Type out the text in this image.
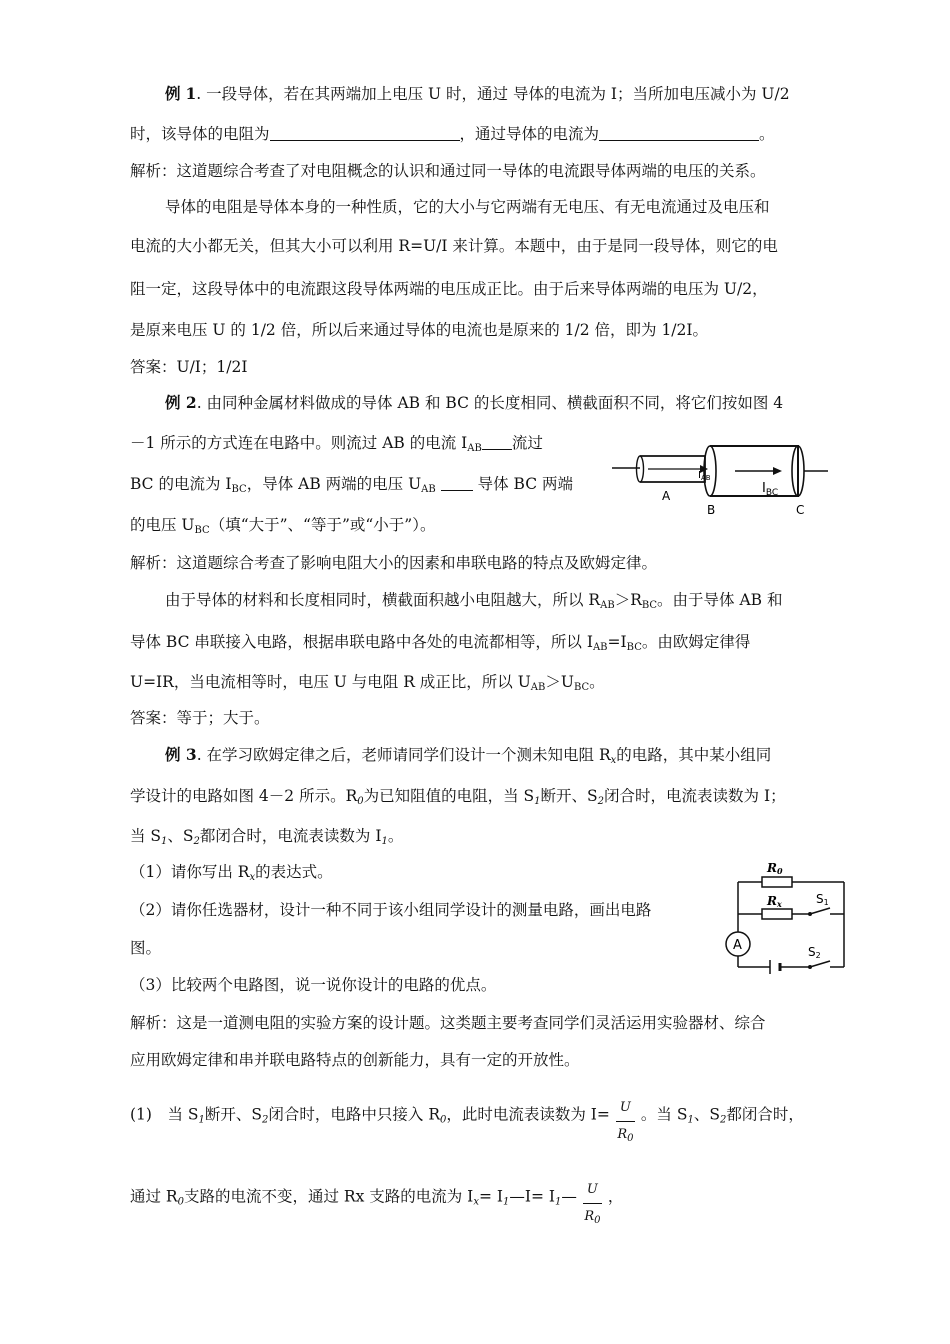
例 1. 一段导体，若在其两端加上电压 U 时，通过 导体的电流为 I；当所加电压减小为 U/2
时，该导体的电阻为	，通过导体的电流为	。
解析：这道题综合考查了对电阻概念的认识和通过同一导体的电流跟导体两端的电压的关系。
导体的电阻是导体本身的一种性质，它的大小与它两端有无电压、有无电流通过及电压和
电流的大小都无关，但其大小可以利用 R=U/I 来计算。本题中，由于是同一段导体，则它的电
阻一定，这段导体中的电流跟这段导体两端的电压成正比。由于后来导体两端的电压为 U/2，
是原来电压 U 的 1/2 倍，所以后来通过导体的电流也是原来的 1/2 倍，即为 1/2I。
答案：U/I；1/2I
例 2. 由同种金属材料做成的导体 AB 和 BC 的长度相同、横截面积不同，将它们按如图 4
－1 所示的方式连在电路中。则流过 AB 的电流 $I_{AB}$ 流过
BC 的电流为 $I_{BC}$，导体 AB 两端的电压 $U_{AB}$	导体 BC 两端
的电压 $U_{BC}$（填“大于”、“等于”或“小于”）。
$I_{AB}$
$I_{BC}$
A
B	C
解析：这道题综合考查了影响电阻大小的因素和串联电路的特点及欧姆定律。
由于导体的材料和长度相同时，横截面积越小电阻越大，所以 $R_{AB}>R_{BC}$。由于导体 AB 和
导体 BC 串联接入电路，根据串联电路中各处的电流都相等，所以 $I_{AB}=I_{BC}$。由欧姆定律得
U=IR，当电流相等时，电压 U 与电阻 R 成正比，所以 $U_{AB}>U_{BC}$。
答案：等于；大于。
例 3. 在学习欧姆定律之后，老师请同学们设计一个测未知电阻 $R_x$的电路，其中某小组同
学设计的电路如图 4－2 所示。$R_0$为已知阻值的电阻，当 $S_1$断开、$S_2$闭合时，电流表读数为 I；
当 $S_1$、$S_2$都闭合时，电流表读数为 $I_1$。
（1）请你写出 $R_x$的表达式。
（2）请你任选器材，设计一种不同于该小组同学设计的测量电路，画出电路
图。
（3）比较两个电路图，说一说你设计的电路的优点。
A
R0
Rx	S1
S2
解析：这是一道测电阻的实验方案的设计题。这类题主要考查同学们灵活运用实验器材、综合
应用欧姆定律和串并联电路特点的创新能力，具有一定的开放性。
(1)　当 $S_1$断开、$S_2$闭合时，电路中只接入 $R_0$，此时电流表读数为 $I= \frac{U}{R_0}$ 。当 $S_1$、$S_2$都闭合时，
通过 $R_0$支路的电流不变，通过 Rx 支路的电流为 $I_x=$ $I_1—I=$ $I_1— \frac{U}{R_0}$ ，
